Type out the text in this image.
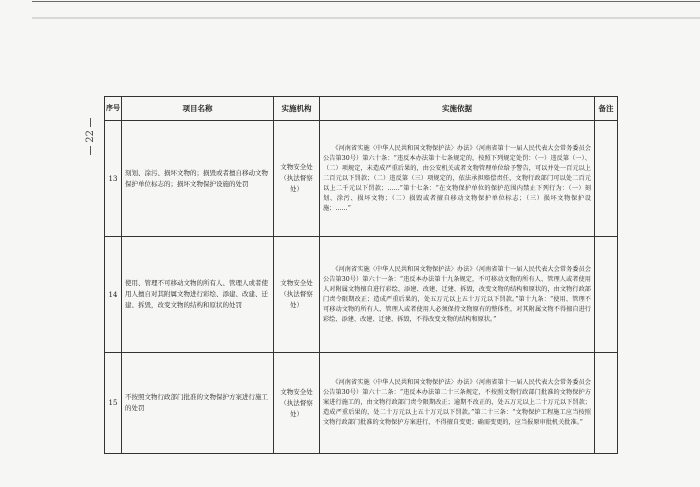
22
序号	项目名称	实施机构	实施依据	备注
13	刻划、涂污、损坏文物的；损毁或者擅自移动文物保护单位标志的；损坏文物保护设施的处罚	文物安全处（执法督察处）	《河南省实施〈中华人民共和国文物保护法〉办法》（河南省第十一届人民代表大会常务委员会公告第30号）第六十条：“违反本办法第十七条规定的，按照下列规定处罚：（一）违反第（一）、（二）项规定，未造成严重后果的，由公安机关或者文物管理单位给予警告，可以并处一百元以上二百元以下罚款；（二）违反第（三）项规定的，依法承担赔偿责任，文物行政部门可以处二百元以上二千元以下罚款；……”第十七条：“在文物保护单位的保护范围内禁止下列行为：（一）刻划、涂污、损坏文物；（二）损毁或者擅自移动文物保护单位标志；（三）损坏文物保护设施；……”	
14	使用、管理不可移动文物的所有人、管理人或者使用人擅自对其附属文物进行彩绘、添建、改建、迁建、拆毁，改变文物的结构和原状的处罚	文物安全处（执法督察处）	《河南省实施〈中华人民共和国文物保护法〉办法》（河南省第十一届人民代表大会常务委员会公告第30号）第六十一条：“违反本办法第十九条规定，不可移动文物的所有人、管理人或者使用人对附属文物擅自进行彩绘、添建、改建、迁建、拆毁，改变文物的结构和原状的，由文物行政部门责令限期改正；造成严重后果的，处五万元以上五十万元以下罚款。”第十九条：“使用、管理不可移动文物的所有人、管理人或者使用人必须保持文物原有的整体性，对其附属文物不得擅自进行彩绘、添建、改建、迁建、拆毁，不得改变文物的结构和原状。”	
15	不按照文物行政部门批准的文物保护方案进行施工的处罚	文物安全处（执法督察处）	《河南省实施〈中华人民共和国文物保护法〉办法》（河南省第十一届人民代表大会常务委员会公告第30号）第六十二条：“违反本办法第二十三条规定，不按照文物行政部门批准的文物保护方案进行施工的，由文物行政部门责令限期改正；逾期不改正的，处五万元以上二十万元以下罚款；造成严重后果的，处二十万元以上五十万元以下罚款。”第二十三条：“文物保护工程施工应当按照文物行政部门批准的文物保护方案进行，不得擅自变更；确需变更的，应当报原审批机关批准。”	
